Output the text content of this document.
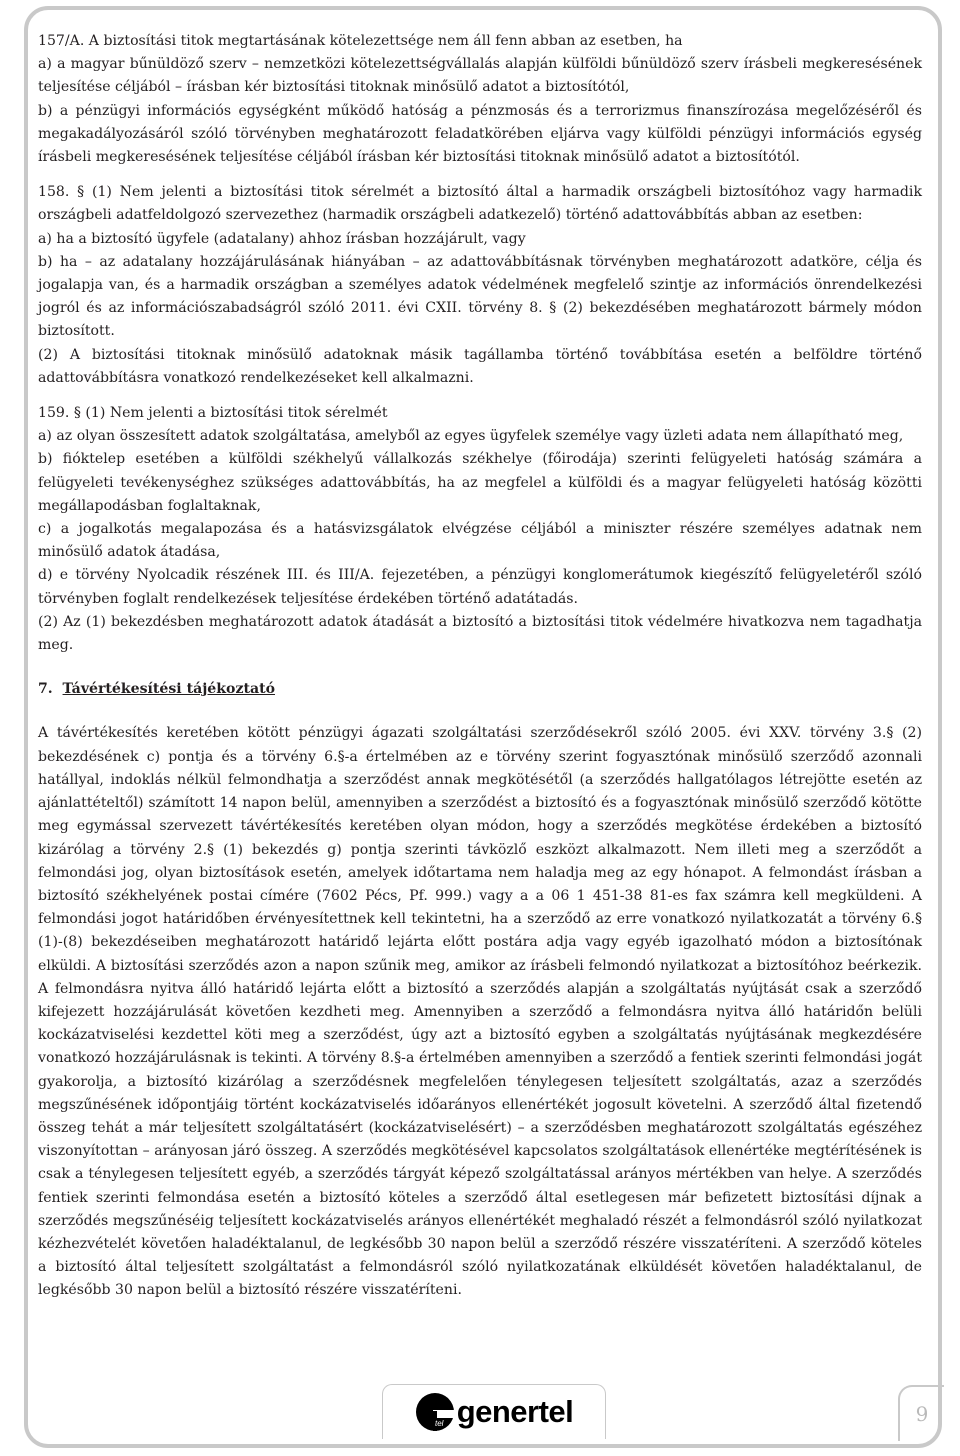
157/A. A biztosítási titok megtartásának kötelezettsége nem áll fenn abban az esetben, ha

a) a magyar bűnüldöző szerv – nemzetközi kötelezettségvállalás alapján külföldi bűnüldöző szerv írásbeli megkeresésének teljesítése céljából – írásban kér biztosítási titoknak minősülő adatot a biztosítótól,

b) a pénzügyi információs egységként működő hatóság a pénzmosás és a terrorizmus finanszírozása megelőzéséről és megakadályozásáról szóló törvényben meghatározott feladatkörében eljárva vagy külföldi pénzügyi információs egység írásbeli megkeresésének teljesítése céljából írásban kér biztosítási titoknak minősülő adatot a biztosítótól.

158. § (1) Nem jelenti a biztosítási titok sérelmét a biztosító által a harmadik országbeli biztosítóhoz vagy harmadik országbeli adatfeldolgozó szervezethez (harmadik országbeli adatkezelő) történő adattovábbítás abban az esetben:

a) ha a biztosító ügyfele (adatalany) ahhoz írásban hozzájárult, vagy

b) ha – az adatalany hozzájárulásának hiányában – az adattovábbításnak törvényben meghatározott adatköre, célja és jogalapja van, és a harmadik országban a személyes adatok védelmének megfelelő szintje az információs önrendelkezési jogról és az információszabadságról szóló 2011. évi CXII. törvény 8. § (2) bekezdésében meghatározott bármely módon biztosított.

(2) A biztosítási titoknak minősülő adatoknak másik tagállamba történő továbbítása esetén a belföldre történő adattovábbításra vonatkozó rendelkezéseket kell alkalmazni.

159. § (1) Nem jelenti a biztosítási titok sérelmét

a) az olyan összesített adatok szolgáltatása, amelyből az egyes ügyfelek személye vagy üzleti adata nem állapítható meg,

b) fióktelep esetében a külföldi székhelyű vállalkozás székhelye (főirodája) szerinti felügyeleti hatóság számára a felügyeleti tevékenységhez szükséges adattovábbítás, ha az megfelel a külföldi és a magyar felügyeleti hatóság közötti megállapodásban foglaltaknak,

c) a jogalkotás megalapozása és a hatásvizsgálatok elvégzése céljából a miniszter részére személyes adatnak nem minősülő adatok átadása,

d) e törvény Nyolcadik részének III. és III/A. fejezetében, a pénzügyi konglomerátumok kiegészítő felügyeletéről szóló törvényben foglalt rendelkezések teljesítése érdekében történő adatátadás.

(2) Az (1) bekezdésben meghatározott adatok átadását a biztosító a biztosítási titok védelmére hivatkozva nem tagadhatja meg.

7. Távértékesítési tájékoztató

A távértékesítés keretében kötött pénzügyi ágazati szolgáltatási szerződésekről szóló 2005. évi XXV. törvény 3.§ (2) bekezdésének c) pontja és a törvény 6.§-a értelmében az e törvény szerint fogyasztónak minősülő szerződő azonnali hatállyal, indoklás nélkül felmondhatja a szerződést annak megkötésétől (a szerződés hallgatólagos létrejötte esetén az ajánlattételtől) számított 14 napon belül, amennyiben a szerződést a biztosító és a fogyasztónak minősülő szerződő kötötte meg egymással szervezett távértékesítés keretében olyan módon, hogy a szerződés megkötése érdekében a biztosító kizárólag a törvény 2.§ (1) bekezdés g) pontja szerinti távközlő eszközt alkalmazott. Nem illeti meg a szerződőt a felmondási jog, olyan biztosítások esetén, amelyek időtartama nem haladja meg az egy hónapot. A felmondást írásban a biztosító székhelyének postai címére (7602 Pécs, Pf. 999.) vagy a a 06 1 451-38 81-es fax számra kell megküldeni. A felmondási jogot határidőben érvényesítettnek kell tekintetni, ha a szerződő az erre vonatkozó nyilatkozatát a törvény 6.§ (1)-(8) bekezdéseiben meghatározott határidő lejárta előtt postára adja vagy egyéb igazolható módon a biztosítónak elküldi. A biztosítási szerződés azon a napon szűnik meg, amikor az írásbeli felmondó nyilatkozat a biztosítóhoz beérkezik. A felmondásra nyitva álló határidő lejárta előtt a biztosító a szerződés alapján a szolgáltatás nyújtását csak a szerződő kifejezett hozzájárulását követően kezdheti meg. Amennyiben a szerződő a felmondásra nyitva álló határidőn belüli kockázatviselési kezdettel köti meg a szerződést, úgy azt a biztosító egyben a szolgáltatás nyújtásának megkezdésére vonatkozó hozzájárulásnak is tekinti. A törvény 8.§-a értelmében amennyiben a szerződő a fentiek szerinti felmondási jogát gyakorolja, a biztosító kizárólag a szerződésnek megfelelően ténylegesen teljesített szolgáltatás, azaz a szerződés megszűnésének időpontjáig történt kockázatviselés időarányos ellenértékét jogosult követelni. A szerződő által fizetendő összeg tehát a már teljesített szolgáltatásért (kockázatviselésért) – a szerződésben meghatározott szolgáltatás egészéhez viszonyítottan – arányosan járó összeg. A szerződés megkötésével kapcsolatos szolgáltatások ellenértéke megtérítésének is csak a ténylegesen teljesített egyéb, a szerződés tárgyát képező szolgáltatással arányos mértékben van helye. A szerződés fentiek szerinti felmondása esetén a biztosító köteles a szerződő által esetlegesen már befizetett biztosítási díjnak a szerződés megszűnéséig teljesített kockázatviselés arányos ellenértékét meghaladó részét a felmondásról szóló nyilatkozat kézhezvételét követően haladéktalanul, de legkésőbb 30 napon belül a szerződő részére visszatéríteni. A szerződő köteles a biztosító által teljesített szolgáltatást a felmondásról szóló nyilatkozatának elküldését követően haladéktalanul, de legkésőbb 30 napon belül a biztosító részére visszatéríteni.

tel genertel	9
